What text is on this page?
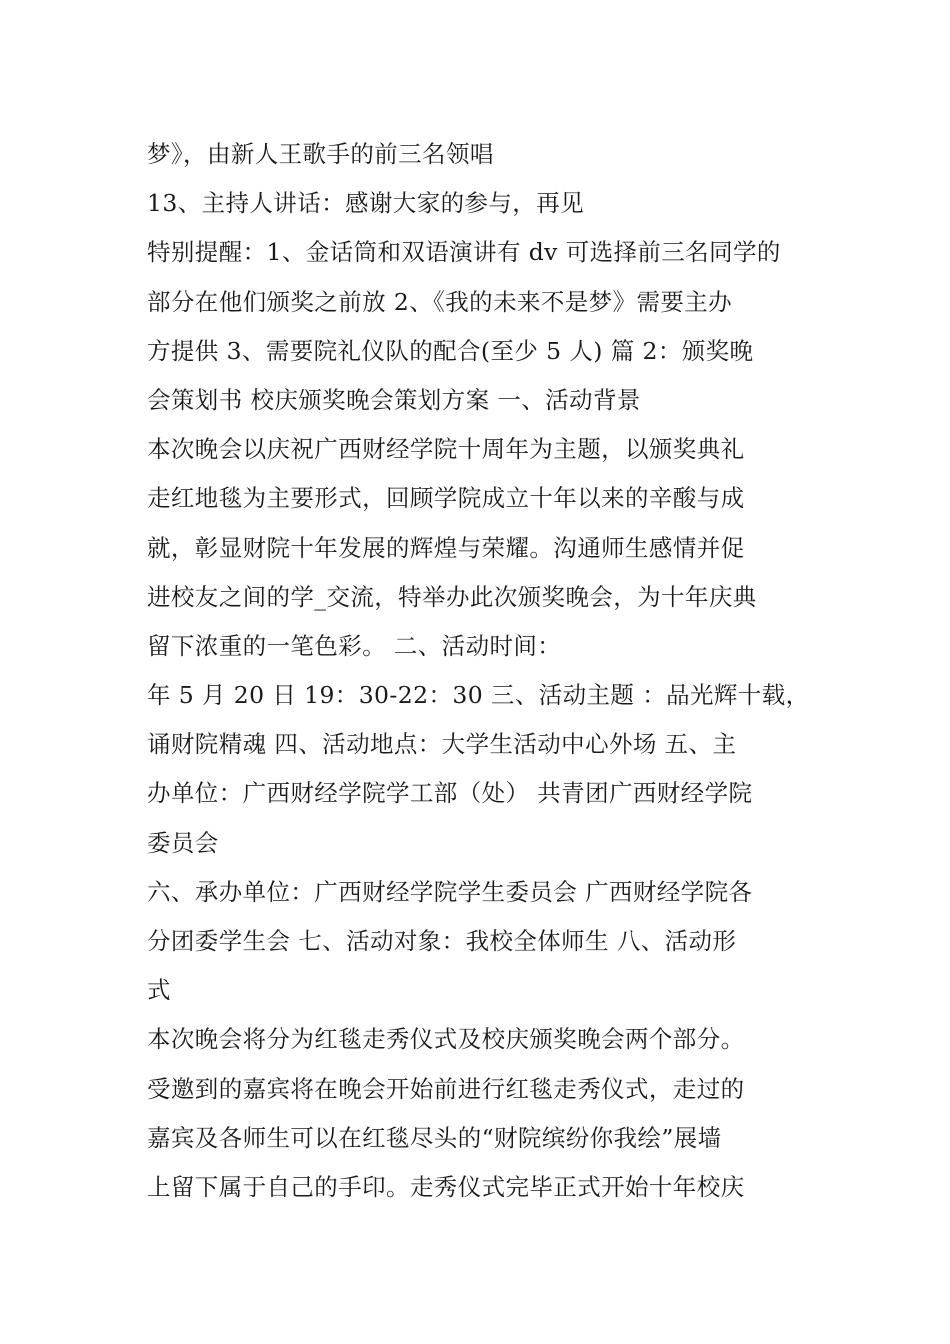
梦》，由新人王歌手的前三名领唱
13、主持人讲话：感谢大家的参与，再见
特别提醒：1、金话筒和双语演讲有 dv 可选择前三名同学的
部分在他们颁奖之前放 2、《我的未来不是梦》需要主办
方提供 3、需要院礼仪队的配合(至少 5 人) 篇 2：颁奖晚
会策划书 校庆颁奖晚会策划方案 一、活动背景
本次晚会以庆祝广西财经学院十周年为主题，以颁奖典礼
走红地毯为主要形式，回顾学院成立十年以来的辛酸与成
就，彰显财院十年发展的辉煌与荣耀。沟通师生感情并促
进校友之间的学_交流，特举办此次颁奖晚会，为十年庆典
留下浓重的一笔色彩。 二、活动时间：
年 5 月 20 日 19：30-22：30 三、活动主题 ：品光辉十载，
诵财院精魂 四、活动地点：大学生活动中心外场 五、主
办单位：广西财经学院学工部（处） 共青团广西财经学院
委员会
六、承办单位：广西财经学院学生委员会 广西财经学院各
分团委学生会 七、活动对象：我校全体师生 八、活动形
式
本次晚会将分为红毯走秀仪式及校庆颁奖晚会两个部分。
受邀到的嘉宾将在晚会开始前进行红毯走秀仪式，走过的
嘉宾及各师生可以在红毯尽头的“财院缤纷你我绘”展墙
上留下属于自己的手印。走秀仪式完毕正式开始十年校庆
